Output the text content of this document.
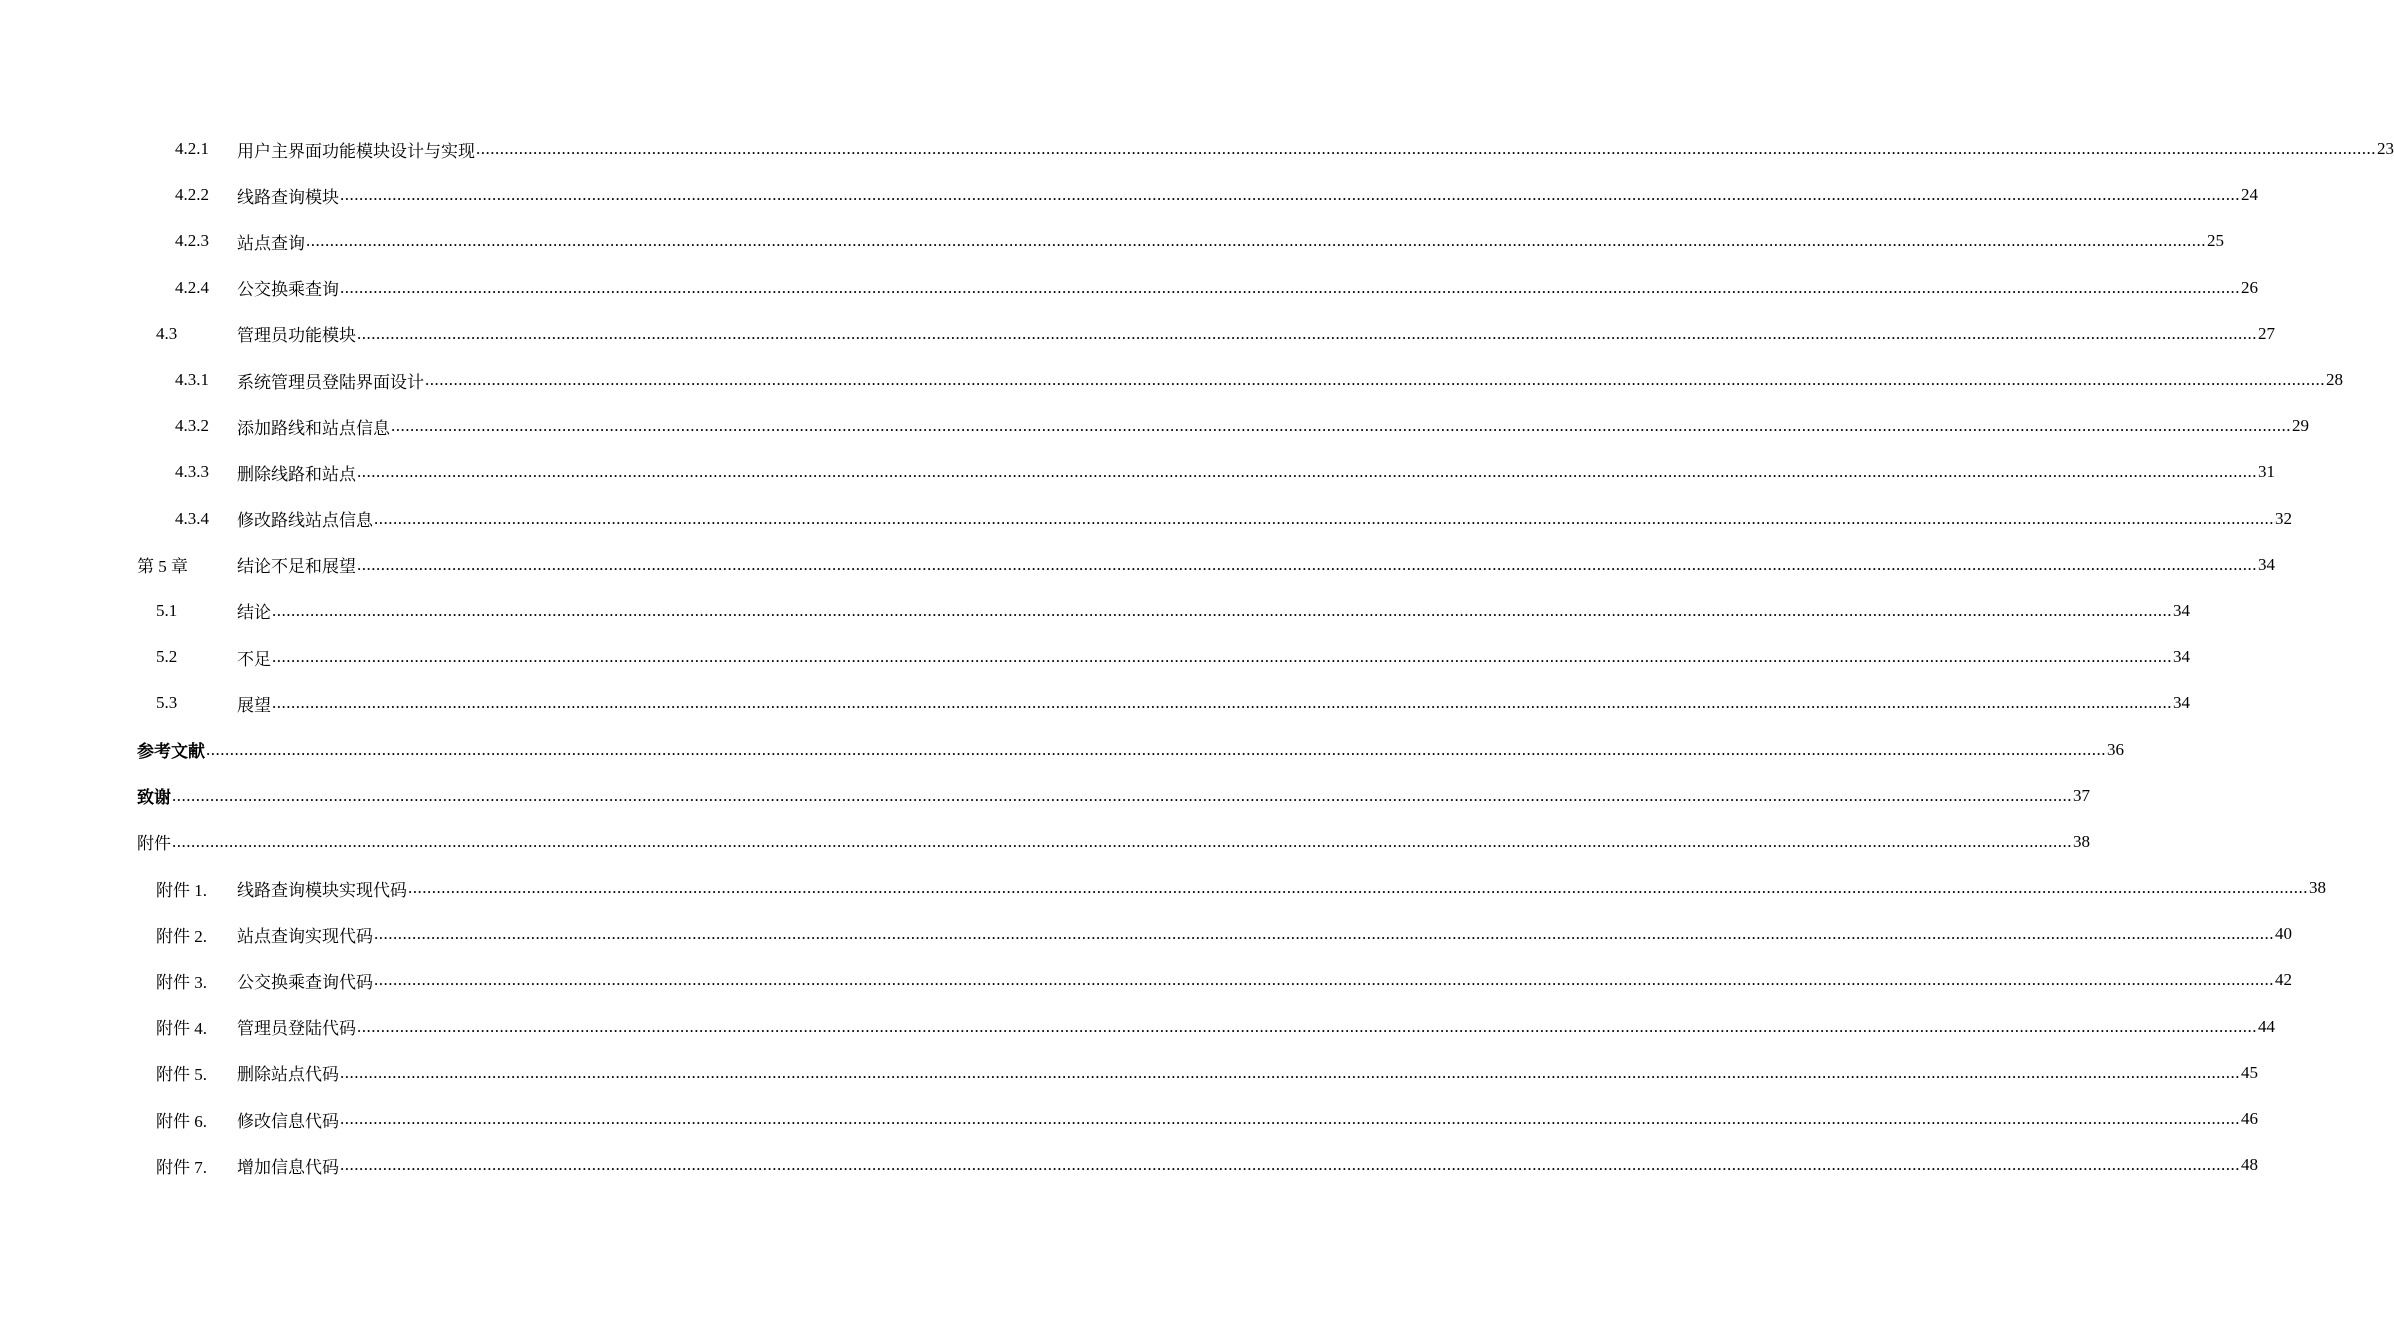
4.2.1 用户主界面功能模块设计与实现 ................................................................................................................................................................................................................................................................................................................................................................................................................ 23
4.2.2 线路查询模块 ................................................................................................................................................................................................................................................................................................................................................................................................................ 24
4.2.3 站点查询 ................................................................................................................................................................................................................................................................................................................................................................................................................ 25
4.2.4 公交换乘查询 ................................................................................................................................................................................................................................................................................................................................................................................................................ 26
4.3	管理员功能模块 ................................................................................................................................................................................................................................................................................................................................................................................................................ 27
4.3.1 系统管理员登陆界面设计 ................................................................................................................................................................................................................................................................................................................................................................................................................ 28
4.3.2 添加路线和站点信息 ................................................................................................................................................................................................................................................................................................................................................................................................................ 29
4.3.3 删除线路和站点 ................................................................................................................................................................................................................................................................................................................................................................................................................ 31
4.3.4 修改路线站点信息 ................................................................................................................................................................................................................................................................................................................................................................................................................ 32
第 5 章	结论不足和展望 ................................................................................................................................................................................................................................................................................................................................................................................................................ 34
5.1	结论 ................................................................................................................................................................................................................................................................................................................................................................................................................ 34
5.2	不足 ................................................................................................................................................................................................................................................................................................................................................................................................................ 34
5.3	展望 ................................................................................................................................................................................................................................................................................................................................................................................................................ 34
参考文献 ................................................................................................................................................................................................................................................................................................................................................................................................................ 36
致谢 ................................................................................................................................................................................................................................................................................................................................................................................................................ 37
附件 ................................................................................................................................................................................................................................................................................................................................................................................................................ 38
附件 1. 线路查询模块实现代码 ................................................................................................................................................................................................................................................................................................................................................................................................................ 38
附件 2. 站点查询实现代码 ................................................................................................................................................................................................................................................................................................................................................................................................................ 40
附件 3. 公交换乘查询代码 ................................................................................................................................................................................................................................................................................................................................................................................................................ 42
附件 4. 管理员登陆代码 ................................................................................................................................................................................................................................................................................................................................................................................................................ 44
附件 5. 删除站点代码 ................................................................................................................................................................................................................................................................................................................................................................................................................ 45
附件 6. 修改信息代码 ................................................................................................................................................................................................................................................................................................................................................................................................................ 46
附件 7. 增加信息代码 ................................................................................................................................................................................................................................................................................................................................................................................................................ 48
